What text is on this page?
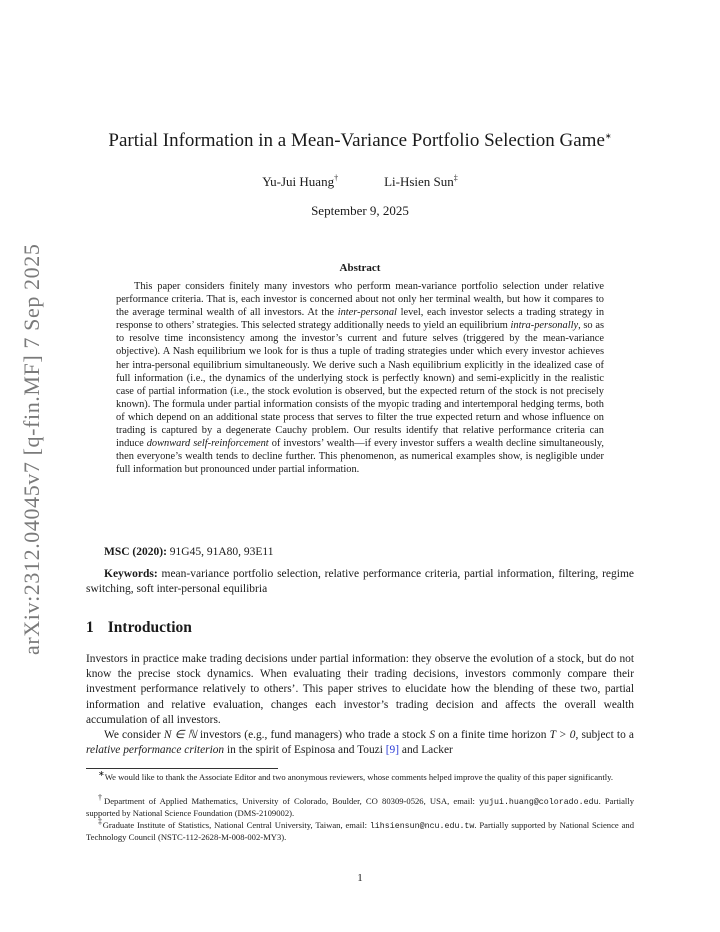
arXiv:2312.04045v7 [q-fin.MF] 7 Sep 2025
Partial Information in a Mean-Variance Portfolio Selection Game∗
Yu-Jui Huang†	Li-Hsien Sun‡
September 9, 2025
Abstract

This paper considers finitely many investors who perform mean-variance portfolio selection under relative performance criteria. That is, each investor is concerned about not only her terminal wealth, but how it compares to the average terminal wealth of all investors. At the inter-personal level, each investor selects a trading strategy in response to others’ strategies. This selected strategy additionally needs to yield an equilibrium intra-personally, so as to resolve time inconsistency among the investor’s current and future selves (triggered by the mean-variance objective). A Nash equilibrium we look for is thus a tuple of trading strategies under which every investor achieves her intra-personal equilibrium simultaneously. We derive such a Nash equilibrium explicitly in the idealized case of full information (i.e., the dynamics of the underlying stock is perfectly known) and semi-explicitly in the realistic case of partial information (i.e., the stock evolution is observed, but the expected return of the stock is not precisely known). The formula under partial information consists of the myopic trading and intertemporal hedging terms, both of which depend on an additional state process that serves to filter the true expected return and whose influence on trading is captured by a degenerate Cauchy problem. Our results identify that relative performance criteria can induce downward self-reinforcement of investors’ wealth—if every investor suffers a wealth decline simultaneously, then everyone’s wealth tends to decline further. This phenomenon, as numerical examples show, is negligible under full information but pronounced under partial information.

MSC (2020): 91G45, 91A80, 93E11

Keywords: mean-variance portfolio selection, relative performance criteria, partial information, filtering, regime switching, soft inter-personal equilibria

1 Introduction

Investors in practice make trading decisions under partial information: they observe the evolution of a stock, but do not know the precise stock dynamics. When evaluating their trading decisions, investors commonly compare their investment performance relatively to others’. This paper strives to elucidate how the blending of these two, partial information and relative evaluation, changes each investor’s trading decision and affects the overall wealth accumulation of all investors.

We consider N ∈ ℕ investors (e.g., fund managers) who trade a stock S on a finite time horizon T > 0, subject to a relative performance criterion in the spirit of Espinosa and Touzi [9] and Lacker

∗We would like to thank the Associate Editor and two anonymous reviewers, whose comments helped improve the quality of this paper significantly.

†Department of Applied Mathematics, University of Colorado, Boulder, CO 80309-0526, USA, email: yujui.huang@colorado.edu. Partially supported by National Science Foundation (DMS-2109002).

‡Graduate Institute of Statistics, National Central University, Taiwan, email: lihsiensun@ncu.edu.tw. Partially supported by National Science and Technology Council (NSTC-112-2628-M-008-002-MY3).

1
